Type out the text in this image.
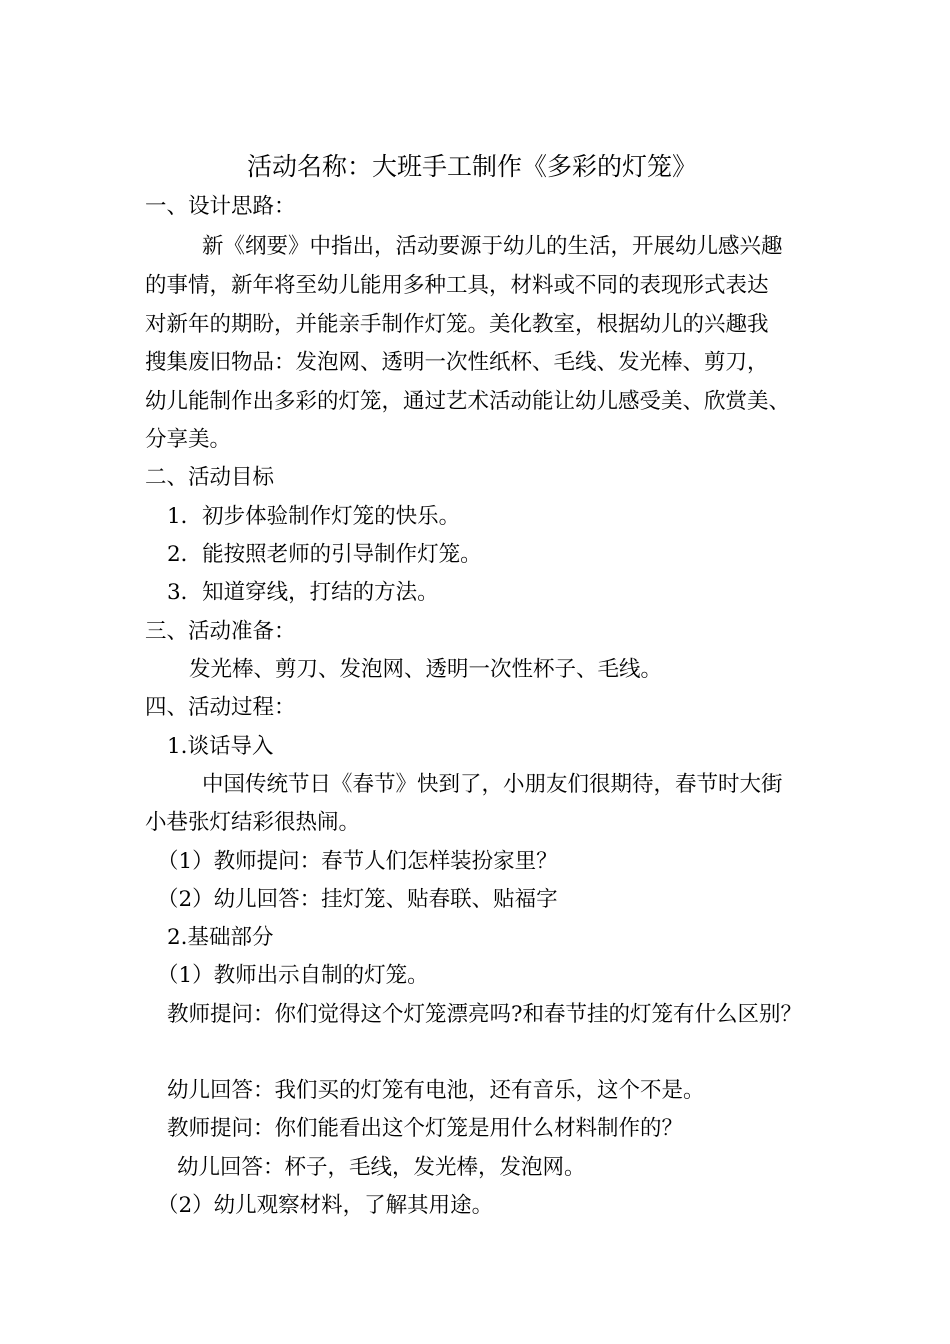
活动名称：大班手工制作《多彩的灯笼》
一、设计思路：
新《纲要》中指出，活动要源于幼儿的生活，开展幼儿感兴趣
的事情，新年将至幼儿能用多种工具，材料或不同的表现形式表达
对新年的期盼，并能亲手制作灯笼。美化教室，根据幼儿的兴趣我
搜集废旧物品：发泡网、透明一次性纸杯、毛线、发光棒、剪刀，
幼儿能制作出多彩的灯笼，通过艺术活动能让幼儿感受美、欣赏美、
分享美。
二、活动目标
1．初步体验制作灯笼的快乐。
2．能按照老师的引导制作灯笼。
3．知道穿线，打结的方法。
三、活动准备：
发光棒、剪刀、发泡网、透明一次性杯子、毛线。
四、活动过程：
1.谈话导入
中国传统节日《春节》快到了，小朋友们很期待，春节时大街
小巷张灯结彩很热闹。
（1）教师提问：春节人们怎样装扮家里？
（2）幼儿回答：挂灯笼、贴春联、贴福字
2.基础部分
（1）教师出示自制的灯笼。
教师提问：你们觉得这个灯笼漂亮吗?和春节挂的灯笼有什么区别？
幼儿回答：我们买的灯笼有电池，还有音乐，这个不是。
教师提问：你们能看出这个灯笼是用什么材料制作的？
幼儿回答：杯子，毛线，发光棒，发泡网。
（2）幼儿观察材料，了解其用途。
